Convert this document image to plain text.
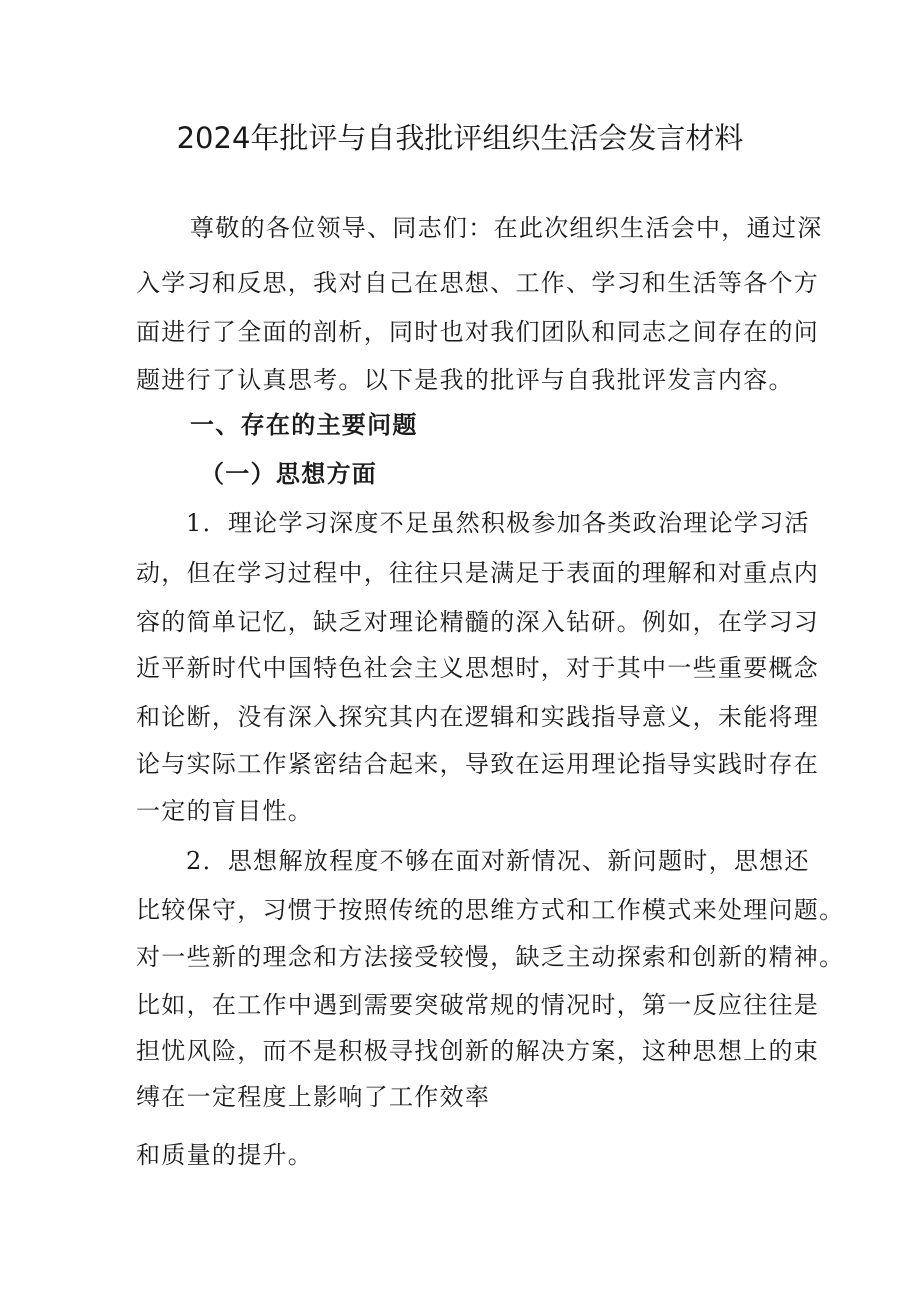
2024年批评与自我批评组织生活会发言材料
尊敬的各位领导、同志们：在此次组织生活会中，通过深
入学习和反思，我对自己在思想、工作、学习和生活等各个方
面进行了全面的剖析，同时也对我们团队和同志之间存在的问
题进行了认真思考。以下是我的批评与自我批评发言内容。
一、存在的主要问题
（一）思想方面
1．理论学习深度不足虽然积极参加各类政治理论学习活
动，但在学习过程中，往往只是满足于表面的理解和对重点内
容的简单记忆，缺乏对理论精髓的深入钻研。例如，在学习习
近平新时代中国特色社会主义思想时，对于其中一些重要概念
和论断，没有深入探究其内在逻辑和实践指导意义，未能将理
论与实际工作紧密结合起来，导致在运用理论指导实践时存在
一定的盲目性。
2．思想解放程度不够在面对新情况、新问题时，思想还
比较保守，习惯于按照传统的思维方式和工作模式来处理问题。
对一些新的理念和方法接受较慢，缺乏主动探索和创新的精神。
比如，在工作中遇到需要突破常规的情况时，第一反应往往是
担忧风险，而不是积极寻找创新的解决方案，这种思想上的束
缚在一定程度上影响了工作效率
和质量的提升。
